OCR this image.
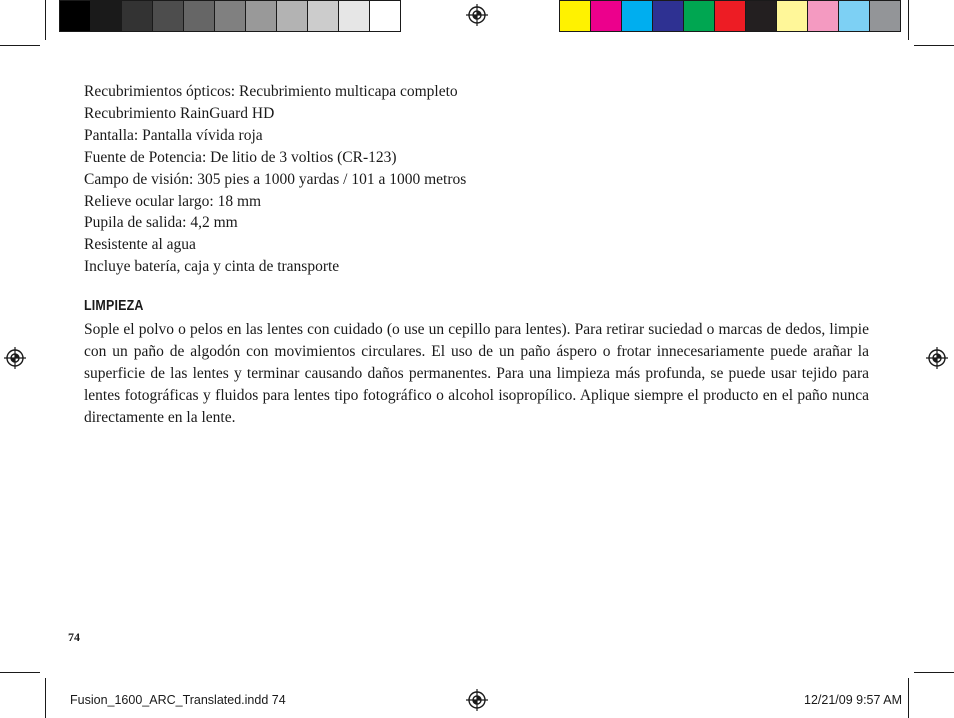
Recubrimientos ópticos: Recubrimiento multicapa completo
Recubrimiento RainGuard HD
Pantalla: Pantalla vívida roja
Fuente de Potencia: De litio de 3 voltios (CR-123)
Campo de visión: 305 pies a 1000 yardas / 101 a 1000 metros
Relieve ocular largo: 18 mm
Pupila de salida: 4,2 mm
Resistente al agua
Incluye batería, caja y cinta de transporte
LIMPIEZA

Sople el polvo o pelos en las lentes con cuidado (o use un cepillo para lentes). Para retirar suciedad o marcas de dedos, limpie con un paño de algodón con movimientos circulares. El uso de un paño áspero o frotar innecesariamente puede arañar la superficie de las lentes y terminar causando daños permanentes. Para una limpieza más profunda, se puede usar tejido para lentes fotográficas y fluidos para lentes tipo fotográfico o alcohol isopropílico. Aplique siempre el producto en el paño nunca directamente en la lente.

74
Fusion_1600_ARC_Translated.indd 74	12/21/09 9:57 AM
